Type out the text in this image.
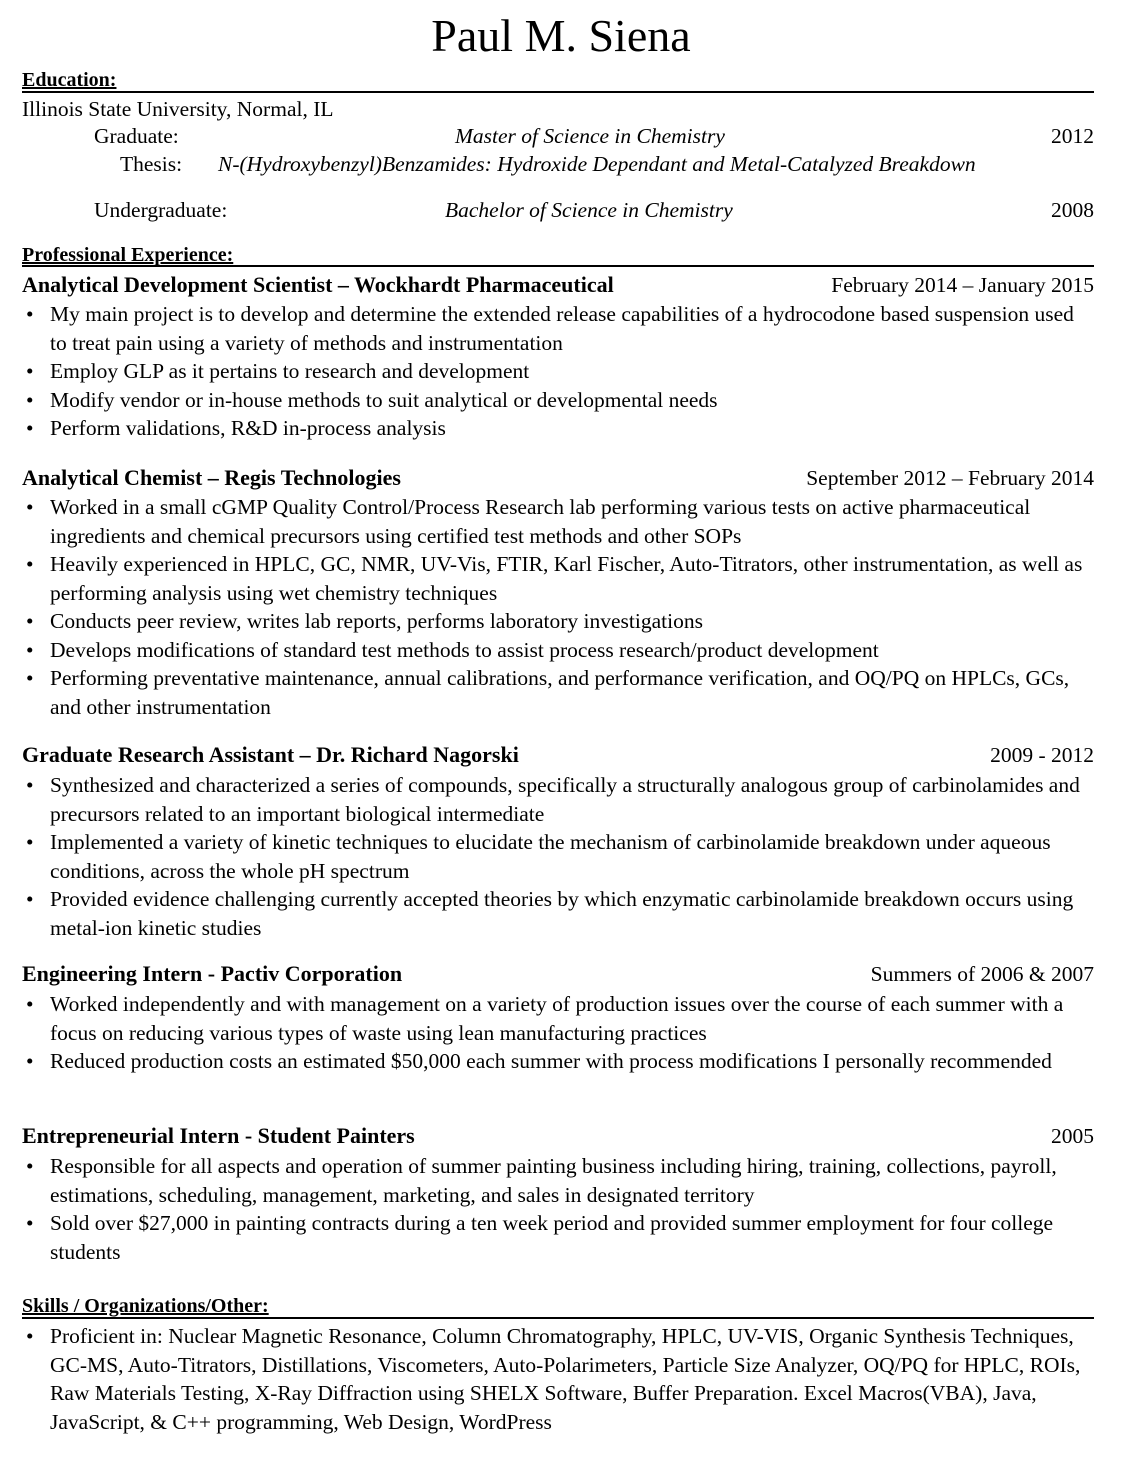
Paul M. Siena
Education:
Illinois State University, Normal, IL
Graduate:	Master of Science in Chemistry	2012
Thesis: N-(Hydroxybenzyl)Benzamides: Hydroxide Dependant and Metal-Catalyzed Breakdown
Undergraduate:	Bachelor of Science in Chemistry	2008
Professional Experience:
Analytical Development Scientist – Wockhardt Pharmaceutical	February 2014 – January 2015
• My main project is to develop and determine the extended release capabilities of a hydrocodone based suspension used to treat pain using a variety of methods and instrumentation
• Employ GLP as it pertains to research and development
• Modify vendor or in-house methods to suit analytical or developmental needs
• Perform validations, R&D in-process analysis
Analytical Chemist – Regis Technologies	September 2012 – February 2014
• Worked in a small cGMP Quality Control/Process Research lab performing various tests on active pharmaceutical ingredients and chemical precursors using certified test methods and other SOPs
• Heavily experienced in HPLC, GC, NMR, UV-Vis, FTIR, Karl Fischer, Auto-Titrators, other instrumentation, as well as performing analysis using wet chemistry techniques
• Conducts peer review, writes lab reports, performs laboratory investigations
• Develops modifications of standard test methods to assist process research/product development
• Performing preventative maintenance, annual calibrations, and performance verification, and OQ/PQ on HPLCs, GCs, and other instrumentation
Graduate Research Assistant – Dr. Richard Nagorski	2009 - 2012
• Synthesized and characterized a series of compounds, specifically a structurally analogous group of carbinolamides and precursors related to an important biological intermediate
• Implemented a variety of kinetic techniques to elucidate the mechanism of carbinolamide breakdown under aqueous conditions, across the whole pH spectrum
• Provided evidence challenging currently accepted theories by which enzymatic carbinolamide breakdown occurs using metal-ion kinetic studies
Engineering Intern - Pactiv Corporation	Summers of 2006 & 2007
• Worked independently and with management on a variety of production issues over the course of each summer with a focus on reducing various types of waste using lean manufacturing practices
• Reduced production costs an estimated $50,000 each summer with process modifications I personally recommended
Entrepreneurial Intern - Student Painters	2005
• Responsible for all aspects and operation of summer painting business including hiring, training, collections, payroll, estimations, scheduling, management, marketing, and sales in designated territory
• Sold over $27,000 in painting contracts during a ten week period and provided summer employment for four college students
Skills / Organizations/Other:
• Proficient in: Nuclear Magnetic Resonance, Column Chromatography, HPLC, UV-VIS, Organic Synthesis Techniques, GC-MS, Auto-Titrators, Distillations, Viscometers, Auto-Polarimeters, Particle Size Analyzer, OQ/PQ for HPLC, ROIs, Raw Materials Testing, X-Ray Diffraction using SHELX Software, Buffer Preparation. Excel Macros(VBA), Java, JavaScript, & C++ programming, Web Design, WordPress
